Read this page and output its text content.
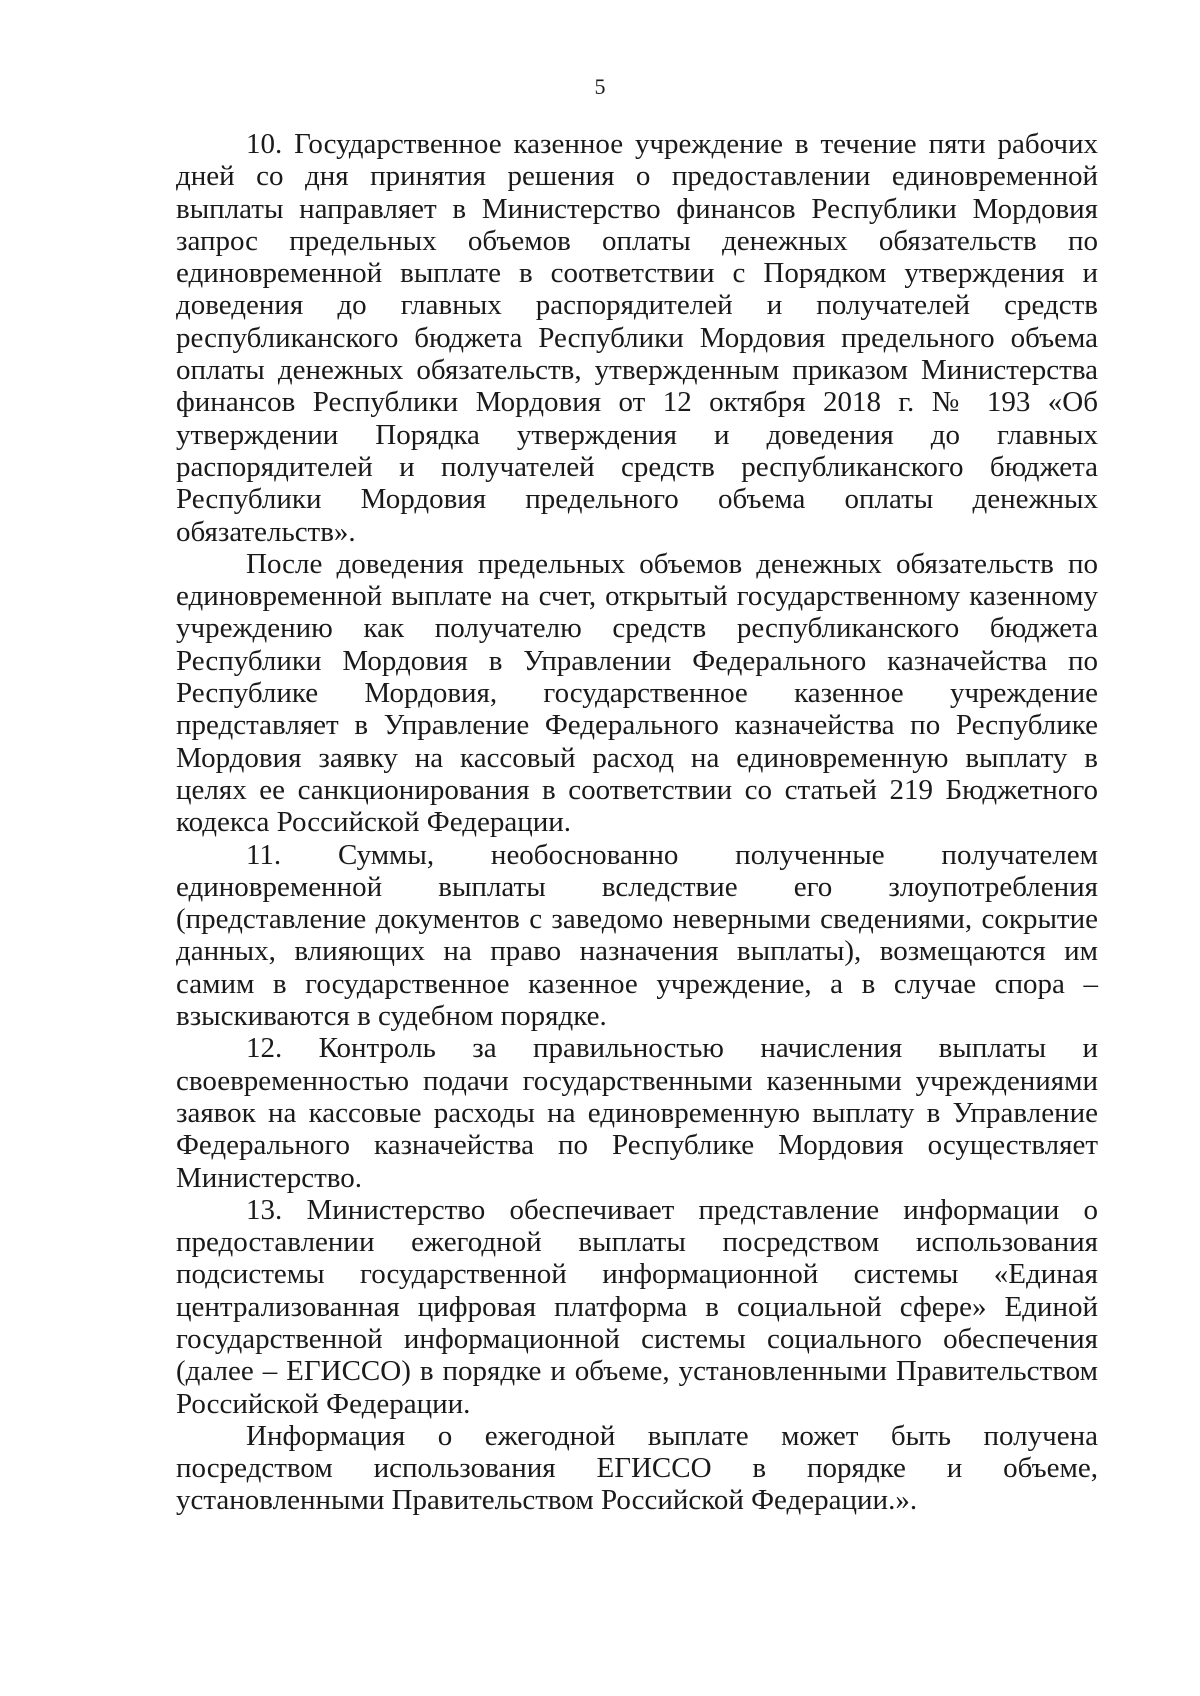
5

10. Государственное казенное учреждение в течение пяти рабочих дней со дня принятия решения о предоставлении единовременной выплаты направляет в Министерство финансов Республики Мордовия запрос предельных объемов оплаты денежных обязательств по единовременной выплате в соответствии с Порядком утверждения и доведения до главных распорядителей и получателей средств республиканского бюджета Республики Мордовия предельного объема оплаты денежных обязательств, утвержденным приказом Министерства финансов Республики Мордовия от 12 октября 2018 г. № 193 «Об утверждении Порядка утверждения и доведения до главных распорядителей и получателей средств республиканского бюджета Республики Мордовия предельного объема оплаты денежных обязательств».

После доведения предельных объемов денежных обязательств по единовременной выплате на счет, открытый государственному казенному учреждению как получателю средств республиканского бюджета Республики Мордовия в Управлении Федерального казначейства по Республике Мордовия, государственное казенное учреждение представляет в Управление Федерального казначейства по Республике Мордовия заявку на кассовый расход на единовременную выплату в целях ее санкционирования в соответствии со статьей 219 Бюджетного кодекса Российской Федерации.

11. Суммы, необоснованно полученные получателем единовременной выплаты вследствие его злоупотребления (представление документов с заведомо неверными сведениями, сокрытие данных, влияющих на право назначения выплаты), возмещаются им самим в государственное казенное учреждение, а в случае спора – взыскиваются в судебном порядке.

12. Контроль за правильностью начисления выплаты и своевременностью подачи государственными казенными учреждениями заявок на кассовые расходы на единовременную выплату в Управление Федерального казначейства по Республике Мордовия осуществляет Министерство.

13. Министерство обеспечивает представление информации о предоставлении ежегодной выплаты посредством использования подсистемы государственной информационной системы «Единая централизованная цифровая платформа в социальной сфере» Единой государственной информационной системы социального обеспечения (далее – ЕГИССО) в порядке и объеме, установленными Правительством Российской Федерации.

Информация о ежегодной выплате может быть получена посредством использования ЕГИССО в порядке и объеме, установленными Правительством Российской Федерации.».
